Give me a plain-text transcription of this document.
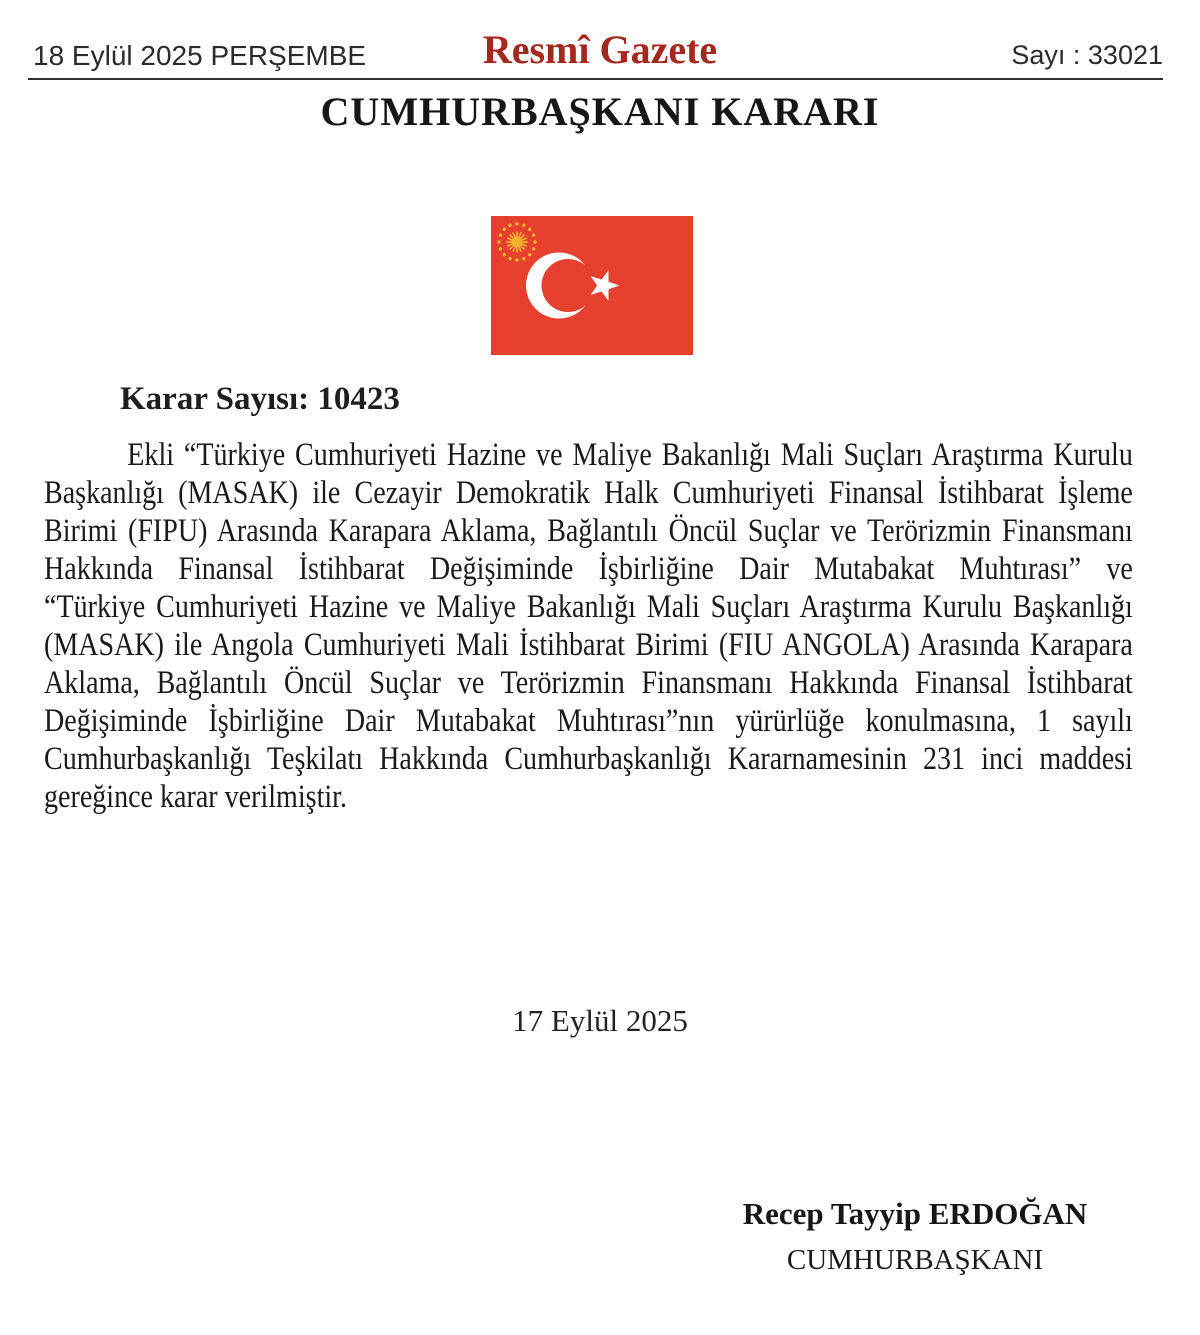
18 Eylül 2025 PERŞEMBE	Resmî Gazete	Sayı : 33021
CUMHURBAŞKANI KARARI
Karar Sayısı: 10423
Ekli “Türkiye Cumhuriyeti Hazine ve Maliye Bakanlığı Mali Suçları Araştırma Kurulu
Başkanlığı (MASAK) ile Cezayir Demokratik Halk Cumhuriyeti Finansal İstihbarat İşleme
Birimi (FIPU) Arasında Karapara Aklama, Bağlantılı Öncül Suçlar ve Terörizmin Finansmanı
Hakkında Finansal İstihbarat Değişiminde İşbirliğine Dair Mutabakat Muhtırası” ve
“Türkiye Cumhuriyeti Hazine ve Maliye Bakanlığı Mali Suçları Araştırma Kurulu Başkanlığı
(MASAK) ile Angola Cumhuriyeti Mali İstihbarat Birimi (FIU ANGOLA) Arasında Karapara
Aklama, Bağlantılı Öncül Suçlar ve Terörizmin Finansmanı Hakkında Finansal İstihbarat
Değişiminde İşbirliğine Dair Mutabakat Muhtırası”nın yürürlüğe konulmasına, 1 sayılı
Cumhurbaşkanlığı Teşkilatı Hakkında Cumhurbaşkanlığı Kararnamesinin 231 inci maddesi
gereğince karar verilmiştir.
17 Eylül 2025
Recep Tayyip ERDOĞAN
CUMHURBAŞKANI
